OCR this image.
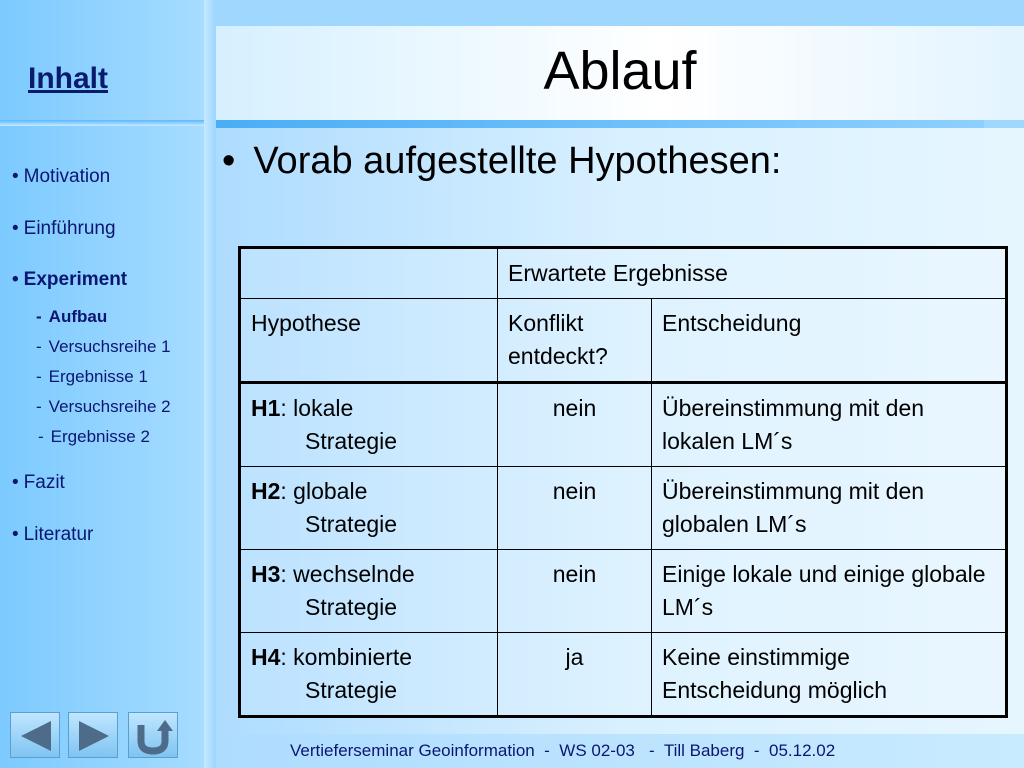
Inhalt
• Motivation
• Einführung
• Experiment
- Aufbau
- Versuchsreihe 1
- Ergebnisse 1
- Versuchsreihe 2
- Ergebnisse 2
• Fazit
• Literatur
Ablauf
• Vorab aufgestellte Hypothesen:
	Erwartete Ergebnisse	
Hypothese	Konflikt entdeckt?	Entscheidung
H1: lokale
Strategie	nein	Übereinstimmung mit den lokalen LM´s
H2: globale
Strategie	nein	Übereinstimmung mit den globalen LM´s
H3: wechselnde
Strategie	nein	Einige lokale und einige globale LM´s
H4: kombinierte
Strategie	ja	Keine einstimmige Entscheidung möglich
Vertieferseminar Geoinformation  -  WS 02-03   -  Till Baberg  -  05.12.02
